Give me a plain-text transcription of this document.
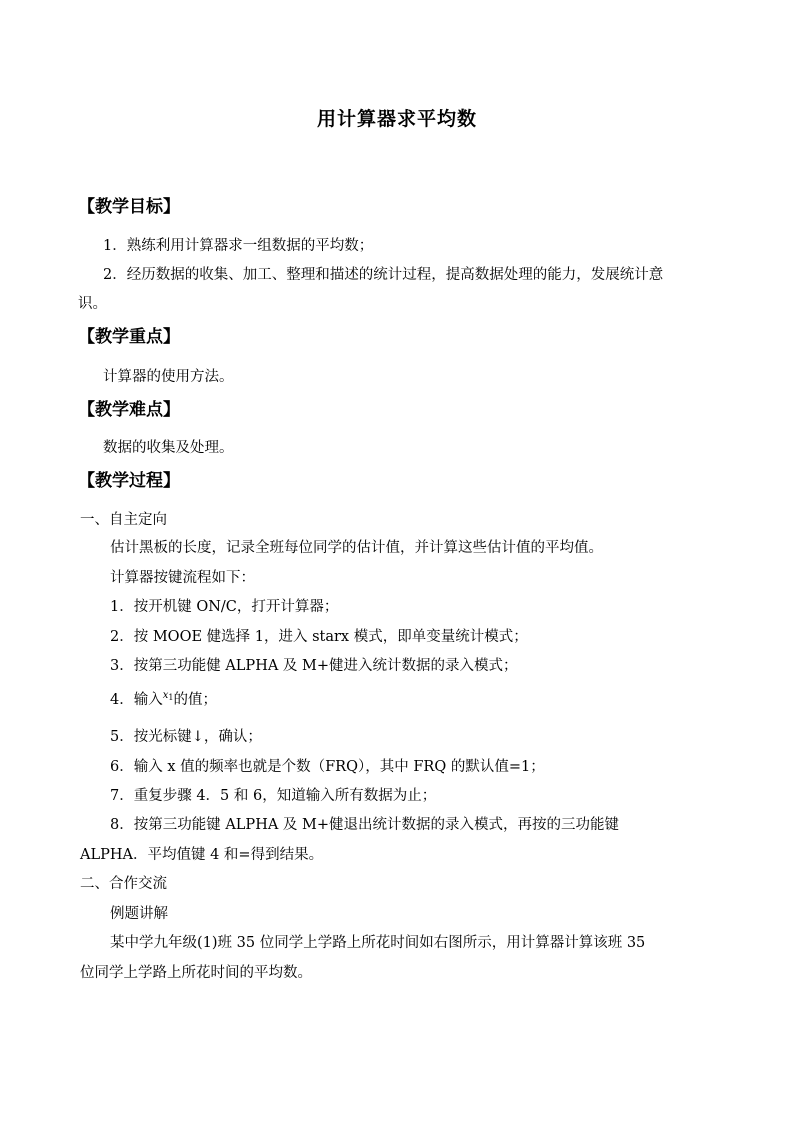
用计算器求平均数
【教学目标】
1．熟练利用计算器求一组数据的平均数；
2．经历数据的收集、加工、整理和描述的统计过程，提高数据处理的能力，发展统计意
识。
【教学重点】
计算器的使用方法。
【教学难点】
数据的收集及处理。
【教学过程】
一、自主定向
估计黑板的长度，记录全班每位同学的估计值，并计算这些估计值的平均值。
计算器按键流程如下：
1．按开机键 ON/C，打开计算器；
2．按 MOOE 健选择 1，进入 starx 模式，即单变量统计模式；
3．按第三功能健 ALPHA 及 M+健进入统计数据的录入模式；
4．输入$^{x_1}$的值；
5．按光标键↓，确认；
6．输入 x 值的频率也就是个数（FRQ），其中 FRQ 的默认值=1；
7．重复步骤 4．5 和 6，知道输入所有数据为止；
8．按第三功能键 ALPHA 及 M+健退出统计数据的录入模式，再按的三功能键
ALPHA．平均值键 4 和=得到结果。
二、合作交流
例题讲解
某中学九年级(1)班 35 位同学上学路上所花时间如右图所示，用计算器计算该班 35
位同学上学路上所花时间的平均数。
